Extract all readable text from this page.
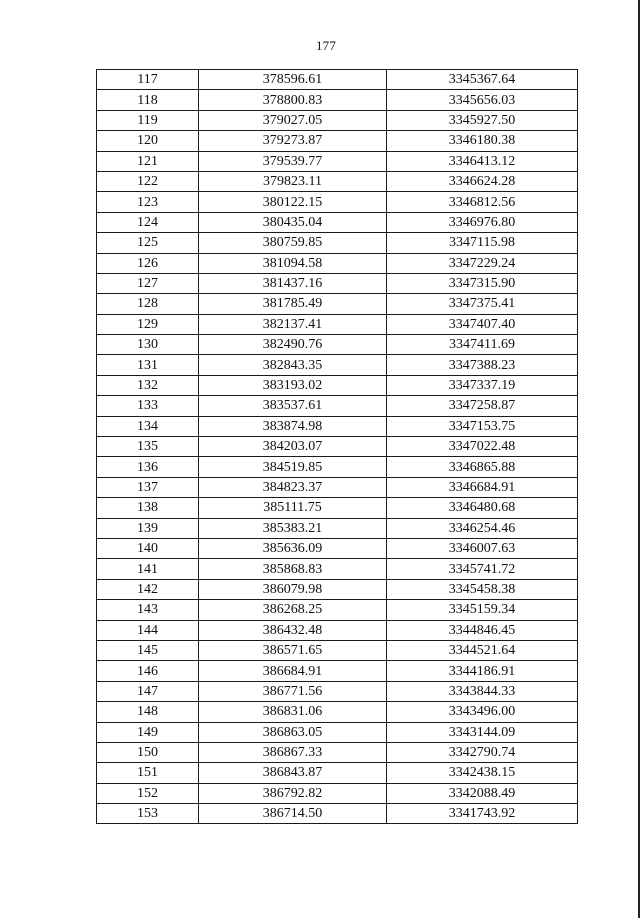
177
117	378596.61	3345367.64
118	378800.83	3345656.03
119	379027.05	3345927.50
120	379273.87	3346180.38
121	379539.77	3346413.12
122	379823.11	3346624.28
123	380122.15	3346812.56
124	380435.04	3346976.80
125	380759.85	3347115.98
126	381094.58	3347229.24
127	381437.16	3347315.90
128	381785.49	3347375.41
129	382137.41	3347407.40
130	382490.76	3347411.69
131	382843.35	3347388.23
132	383193.02	3347337.19
133	383537.61	3347258.87
134	383874.98	3347153.75
135	384203.07	3347022.48
136	384519.85	3346865.88
137	384823.37	3346684.91
138	385111.75	3346480.68
139	385383.21	3346254.46
140	385636.09	3346007.63
141	385868.83	3345741.72
142	386079.98	3345458.38
143	386268.25	3345159.34
144	386432.48	3344846.45
145	386571.65	3344521.64
146	386684.91	3344186.91
147	386771.56	3343844.33
148	386831.06	3343496.00
149	386863.05	3343144.09
150	386867.33	3342790.74
151	386843.87	3342438.15
152	386792.82	3342088.49
153	386714.50	3341743.92
